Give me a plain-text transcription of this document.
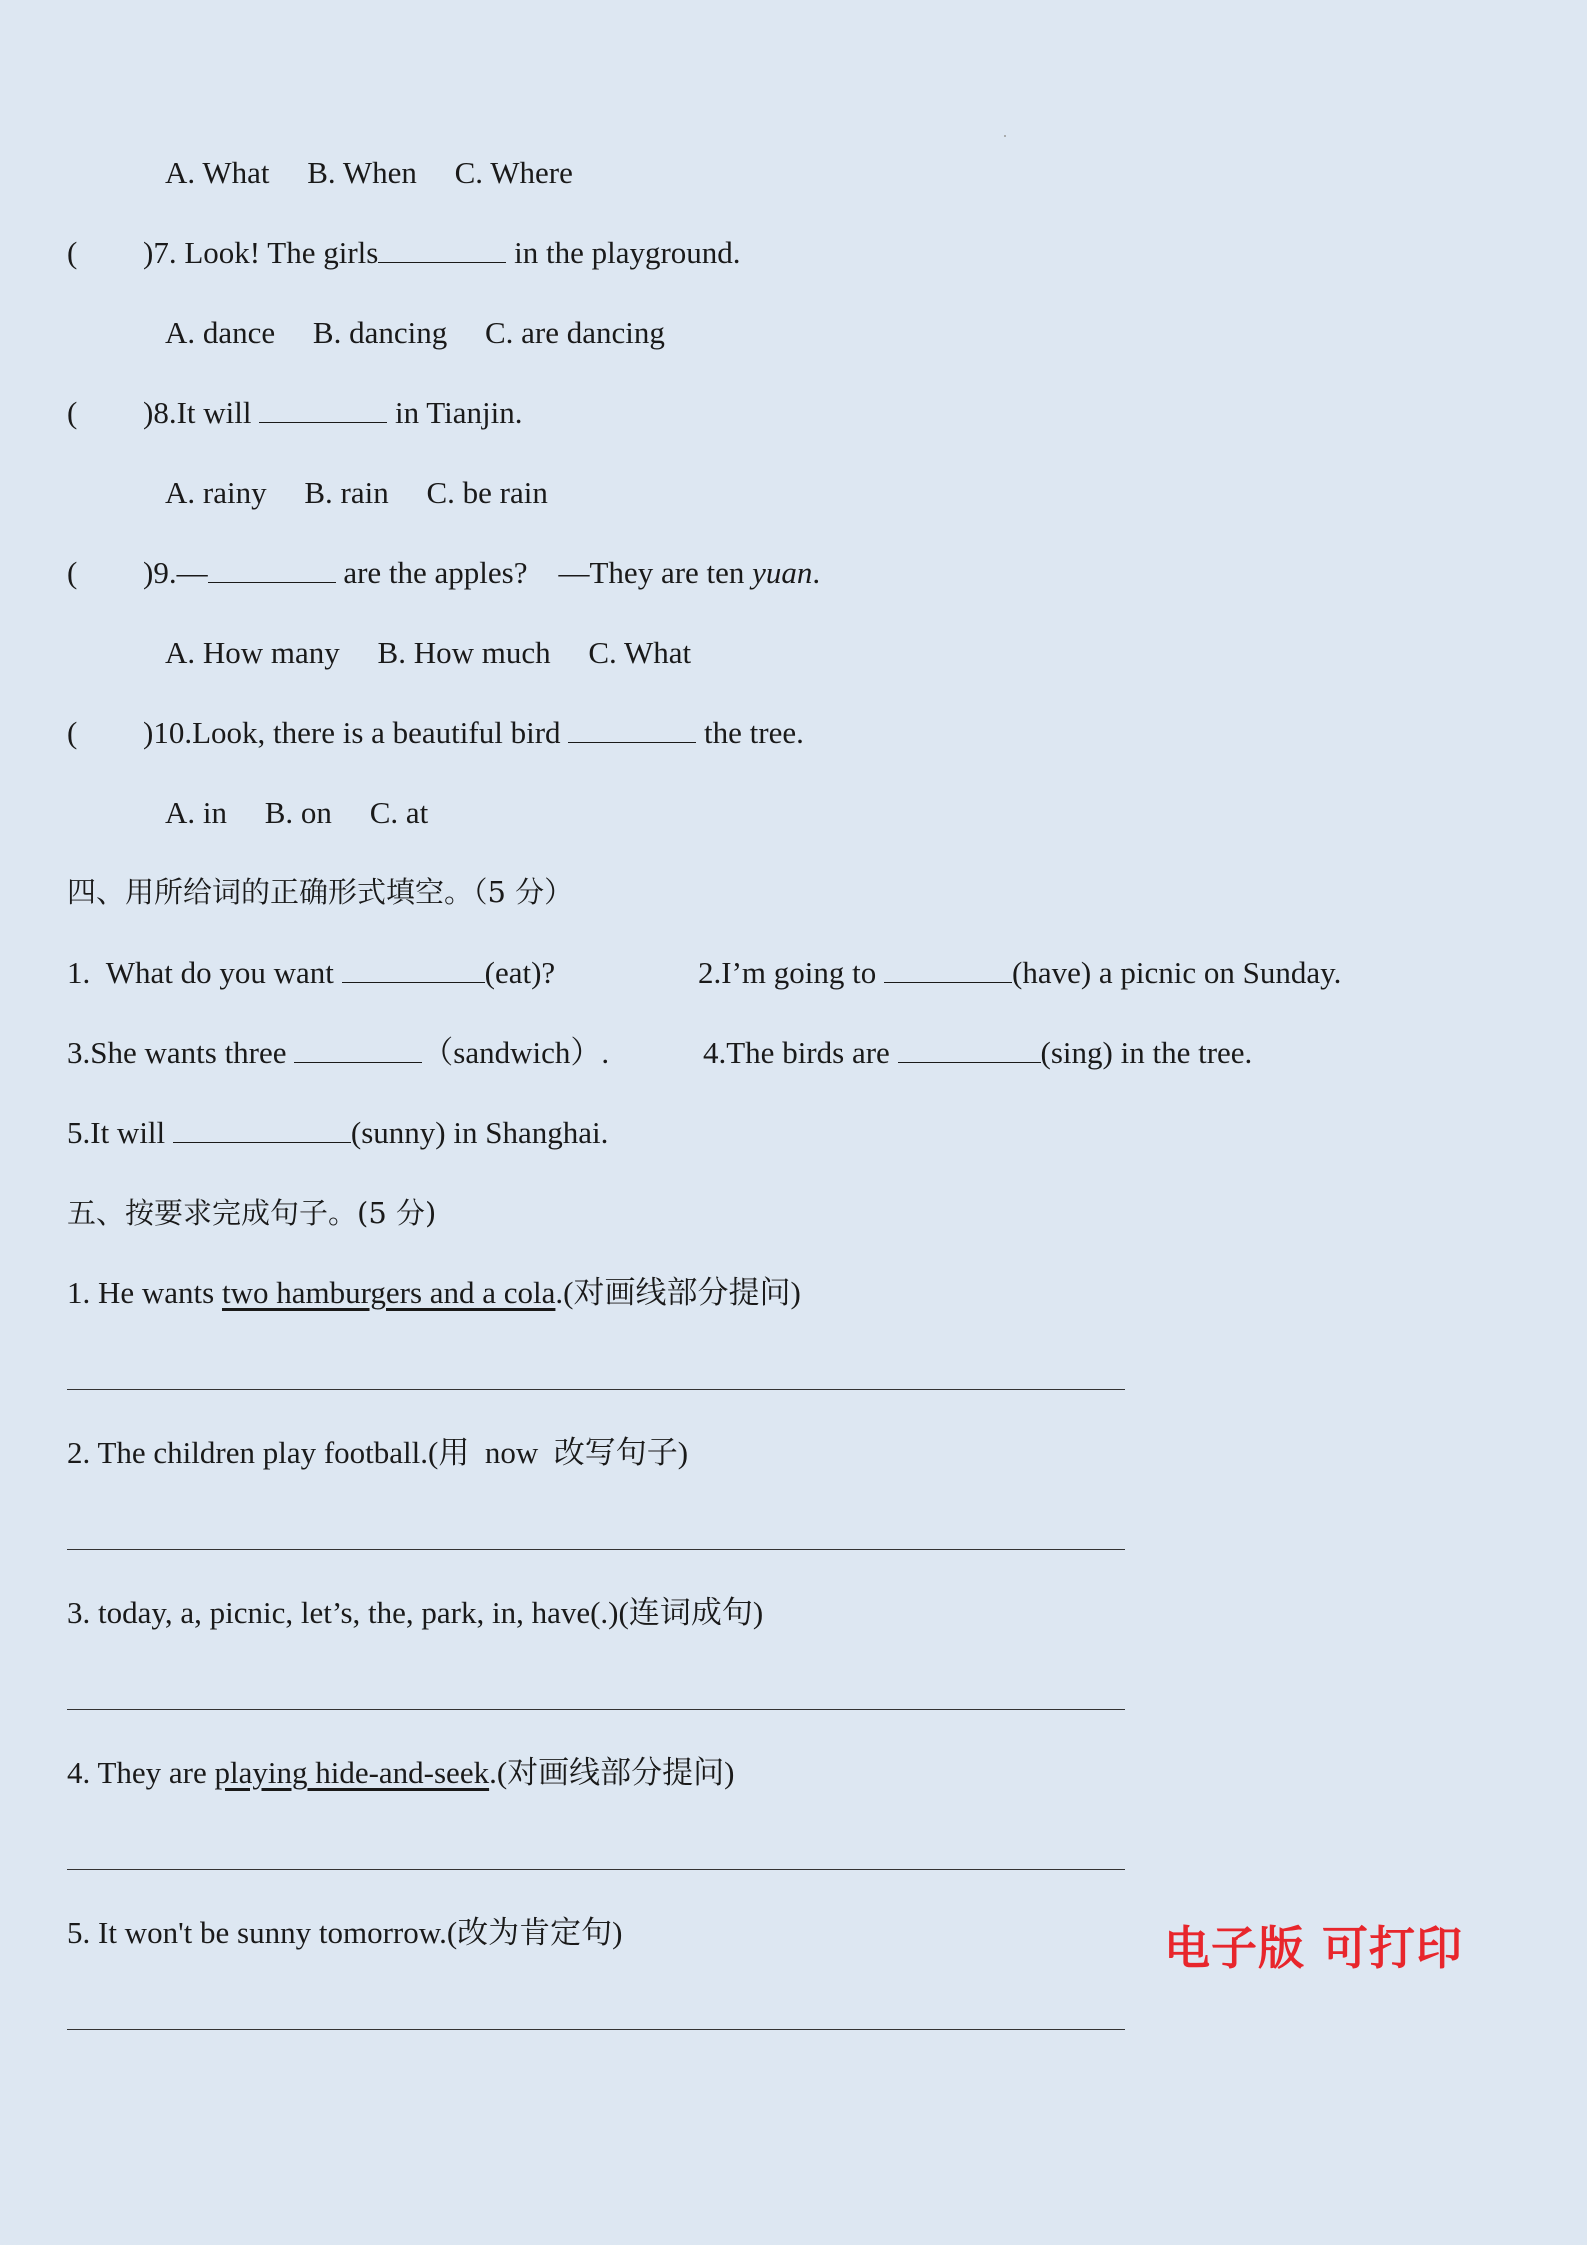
A. What B. When C. Where
( )7. Look! The girls	in the playground.
A. dance B. dancing C. are dancing
( )8.It will	in Tianjin.
A. rainy B. rain C. be rain
( )9.—	are the apples?    —They are ten yuan.
A. How many B. How much C. What
( )10.Look, there is a beautiful bird	the tree.
A. in B. on C. at
四、用所给词的正确形式填空。（5 分）
1.  What do you want	(eat)?	2.I’m going to	(have) a picnic on Sunday.
3.She wants three	（sandwich）.	4.The birds are	(sing) in the tree.
5.It will	(sunny) in Shanghai.
五、按要求完成句子。(5 分)
1. He wants two hamburgers and a cola.(对画线部分提问)
2. The children play football.(用  now  改写句子)
3. today, a, picnic, let’s, the, park, in, have(.)(连词成句)
4. They are playing hide-and-seek.(对画线部分提问)
5. It won't be sunny tomorrow.(改为肯定句)	电子版 可打印
